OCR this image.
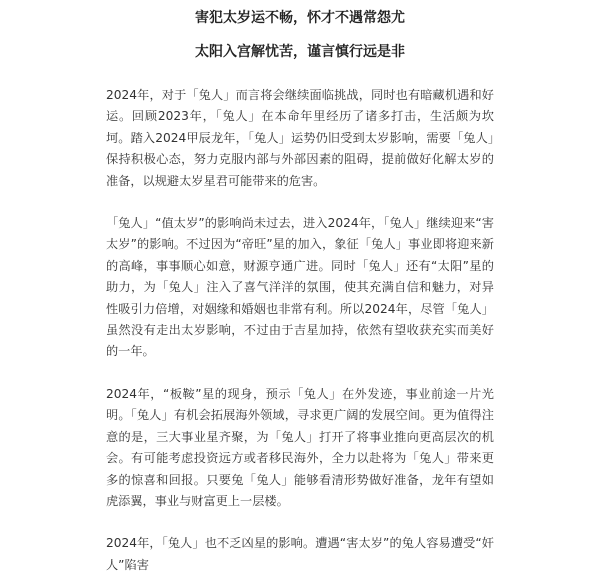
害犯太岁运不畅，怀才不遇常怨尤
太阳入宫解忧苦，谨言慎行远是非

2024年，对于「兔人」而言将会继续面临挑战，同时也有暗藏机遇和好运。回顾2023年，「兔人」在本命年里经历了诸多打击，生活颇为坎坷。踏入2024甲辰龙年，「兔人」运势仍旧受到太岁影响，需要「兔人」保持积极心态，努力克服内部与外部因素的阻碍，提前做好化解太岁的准备，以规避太岁星君可能带来的危害。

「兔人」“值太岁”的影响尚未过去，进入2024年，「兔人」继续迎来“害太岁”的影响。不过因为“帝旺”星的加入，象征「兔人」事业即将迎来新的高峰，事事顺心如意，财源亨通广进。同时「兔人」还有“太阳”星的助力，为「兔人」注入了喜气洋洋的氛围，使其充满自信和魅力，对异性吸引力倍增，对姻缘和婚姻也非常有利。所以2024年，尽管「兔人」虽然没有走出太岁影响，不过由于吉星加持，依然有望收获充实而美好的一年。

2024年，“板鞍”星的现身，预示「兔人」在外发迹，事业前途一片光明。「兔人」有机会拓展海外领域，寻求更广阔的发展空间。更为值得注意的是，三大事业星齐聚，为「兔人」打开了将事业推向更高层次的机会。有可能考虑投资远方或者移民海外，全力以赴将为「兔人」带来更多的惊喜和回报。只要兔「兔人」能够看清形势做好准备，龙年有望如虎添翼，事业与财富更上一层楼。

2024年，「兔人」也不乏凶星的影响。遭遇“害太岁”的兔人容易遭受“奸人”陷害
